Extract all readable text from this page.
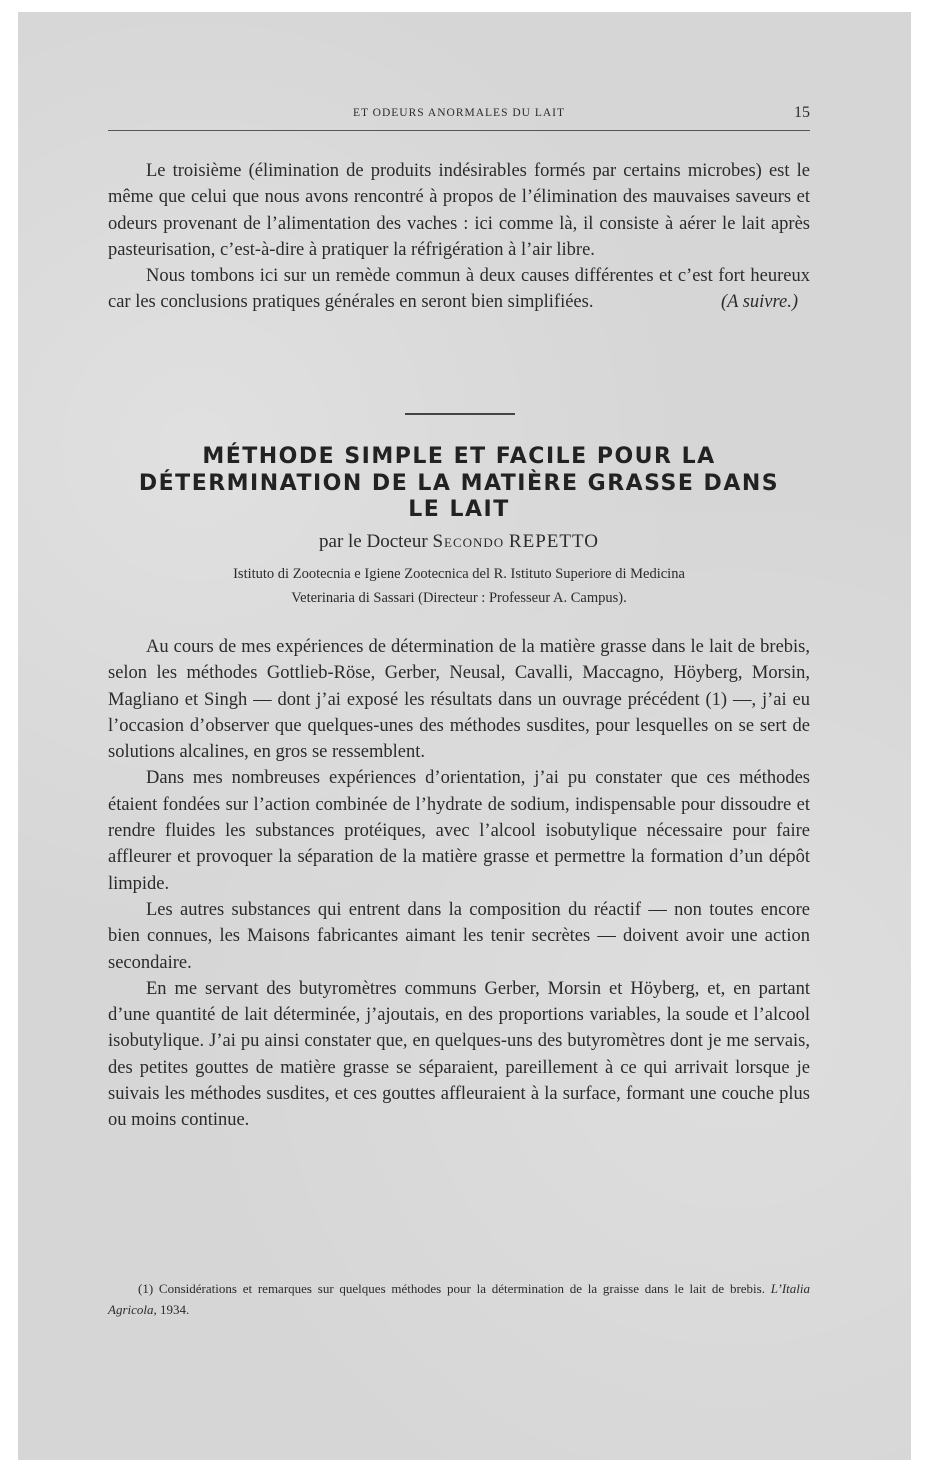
ET ODEURS ANORMALES DU LAIT	15

Le troisième (élimination de produits indésirables formés par certains microbes) est le même que celui que nous avons rencontré à propos de l’élimination des mauvaises saveurs et odeurs provenant de l’alimentation des vaches : ici comme là, il consiste à aérer le lait après pasteurisation, c’est-à-dire à pratiquer la réfrigération à l’air libre.

Nous tombons ici sur un remède commun à deux causes différentes et c’est fort heureux car les conclusions pratiques générales en seront bien simplifiées.	(A suivre.)

MÉTHODE SIMPLE ET FACILE POUR LA
DÉTERMINATION DE LA MATIÈRE GRASSE DANS
LE LAIT
par le Docteur Secondo REPETTO
Istituto di Zootecnia e Igiene Zootecnica del R. Istituto Superiore di Medicina
Veterinaria di Sassari (Directeur : Professeur A. Campus).

Au cours de mes expériences de détermination de la matière grasse dans le lait de brebis, selon les méthodes Gottlieb-Röse, Gerber, Neusal, Cavalli, Maccagno, Höyberg, Morsin, Magliano et Singh — dont j’ai exposé les résultats dans un ouvrage précédent (1) —, j’ai eu l’occasion d’observer que quelques-unes des méthodes susdites, pour lesquelles on se sert de solutions alcalines, en gros se ressemblent.

Dans mes nombreuses expériences d’orientation, j’ai pu constater que ces méthodes étaient fondées sur l’action combinée de l’hydrate de sodium, indispensable pour dissoudre et rendre fluides les substances protéiques, avec l’alcool isobutylique nécessaire pour faire affleurer et provoquer la séparation de la matière grasse et permettre la formation d’un dépôt limpide.

Les autres substances qui entrent dans la composition du réactif — non toutes encore bien connues, les Maisons fabricantes aimant les tenir secrètes — doivent avoir une action secondaire.

En me servant des butyromètres communs Gerber, Morsin et Höyberg, et, en partant d’une quantité de lait déterminée, j’ajoutais, en des proportions variables, la soude et l’alcool isobutylique. J’ai pu ainsi constater que, en quelques-uns des butyromètres dont je me servais, des petites gouttes de matière grasse se séparaient, pareillement à ce qui arrivait lorsque je suivais les méthodes susdites, et ces gouttes affleuraient à la surface, formant une couche plus ou moins continue.

(1) Considérations et remarques sur quelques méthodes pour la détermination de la graisse dans le lait de brebis. L’Italia Agricola, 1934.
